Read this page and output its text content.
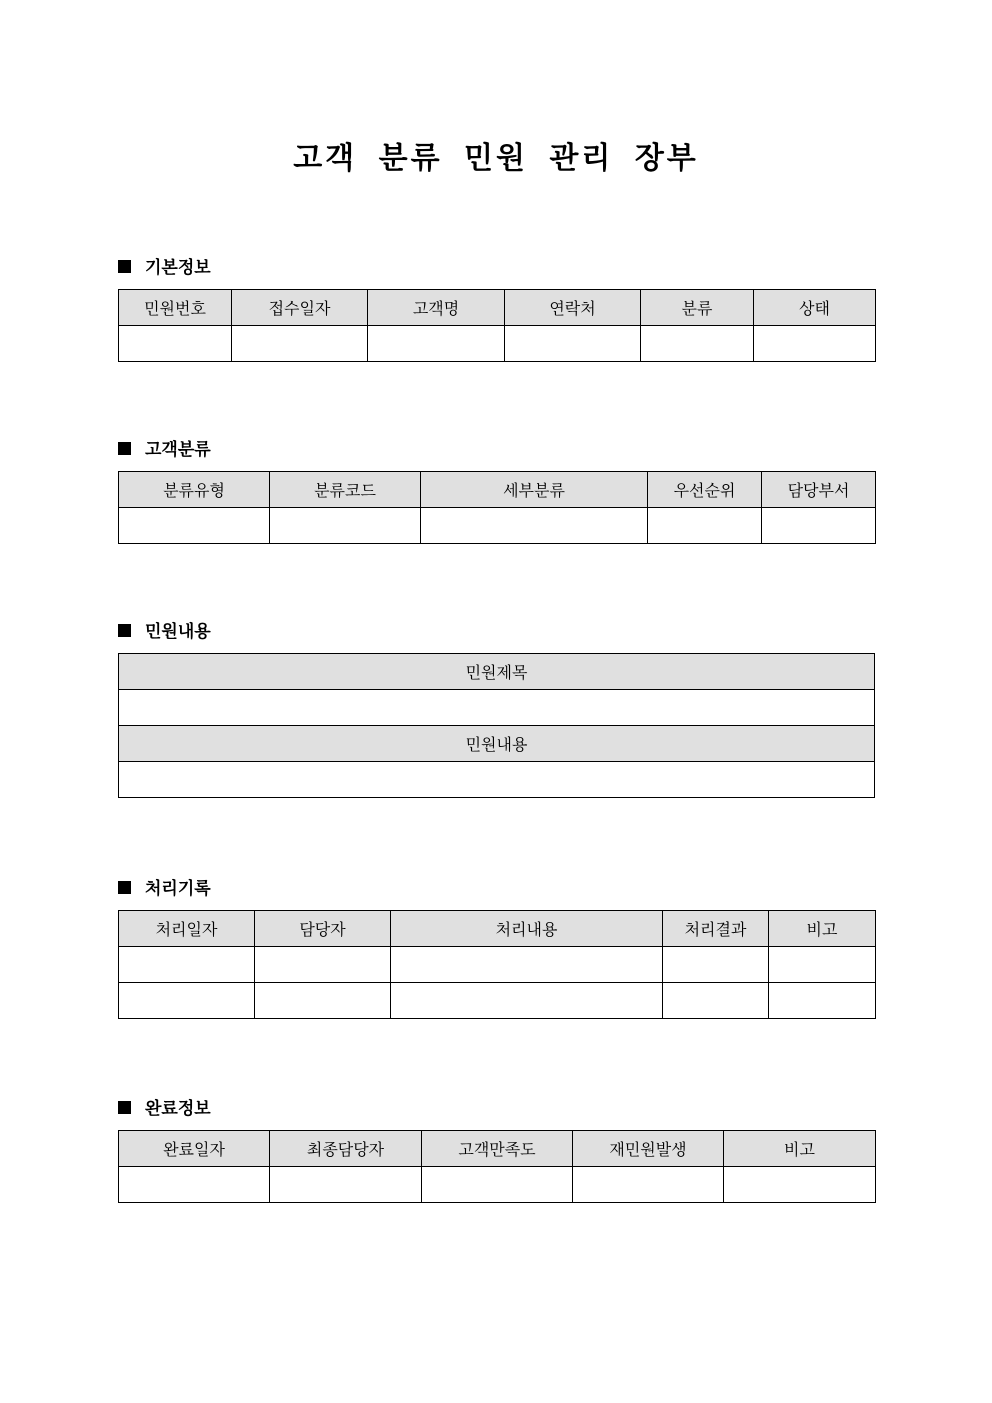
고객 분류 민원 관리 장부
기본정보
민원번호	접수일자	고객명	연락처	분류	상태

고객분류
분류유형	분류코드	세부분류	우선순위	담당부서

민원내용
민원제목

민원내용

처리기록
처리일자	담당자	처리내용	처리결과	비고

완료정보
완료일자	최종담당자	고객만족도	재민원발생	비고
